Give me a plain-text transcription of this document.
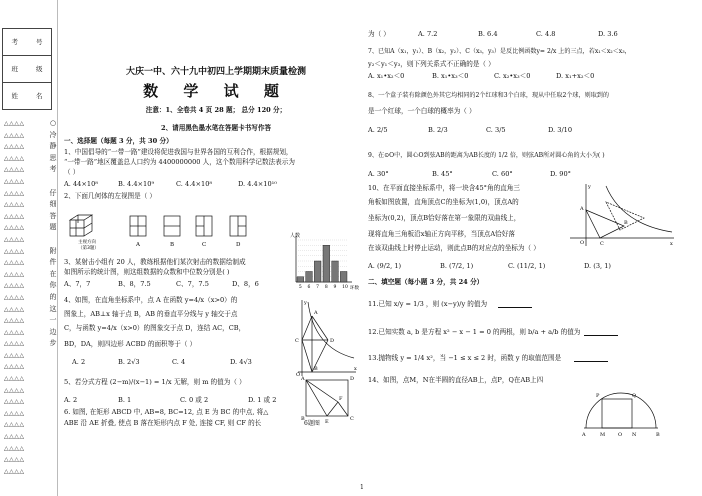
考 号
班 级
姓 名
△△△△
△△△△
△△△△
△△△△
△△△△
△△△△
△△△△
△△△△
△△△△
△△△△
△△△△
△△△△
△△△△
△△△△
△△△△
△△△△
△△△△
△△△△
△△△△
△△△△
△△△△
△△△△
△△△△
△△△△
△△△△
△△△△
△△△△
△△△△
△△△△
△△△△
△△△△
○
冷
静
思
考

仔
细
答
题

附
件
在
你
的
这
一
边
步
大庆一中、六十九中初四上学期期末质量检测
数 学 试 题
注意：1、全卷共 4 页 28 题； 总分 120 分；
2、请用黑色墨水笔在答题卡书写作答
一、选择题（每题 3 分，共 30 分）
1、中国倡导的“一带一路”建设将促进我国与世界各国的互利合作，根据规划，
“一带一路”地区覆盖总人口约为 4400000000 人，这个数用科学记数法表示为
（ ）
A. 44×10⁸	B. 4.4×10⁹	C. 4.4×10⁸	D. 4.4×10¹⁰
2、下面几何体的左视图是（ ）
主视方向
（第3题）
A	B	C	D
5 6 7 8 9 10
人数
环数
3、某射击小组有 20 人，教练根据他们某次射击的数据绘制成
如图所示的统计图，则这组数据的众数和中位数分别是( )
A、7，7	B、8，7.5	C、7，7.5	D、8，6
4、如图，在直角坐标系中，点 A 在函数 y=4/x（x>0）的
图象上，AB⊥x 轴于点 B，AB 的垂直平分线与 y 轴交于点
C，与函数 y=4/x（x>0）的图象交于点 D，连结 AC，CB，
BD，DA，则四边形 ACBD 的面积等于（ ）
A. 2	B. 2√3	C. 4	D. 4√3
C
A
D
B
O
x
y
5、若分式方程 (2−m)/(x−1) = 1/x 无解，则 m 的值为（ ）
A. 2	B. 1	C. 0 或 2	D. 1 或 2
6. 如图, 在矩形 ABCD 中, AB=8, BC=12, 点 E 为 BC 的中点, 将△
ABE 沿 AE 折叠, 使点 B 落在矩形内点 F 处, 连接 CF, 则 CF 的长
A	D
B	E	C
F
6题图
为（ ）	A. 7.2	B. 6.4	C. 4.8	D. 3.6
7、已知A（x₁，y₁）、B（x₂，y₂）、C（x₃，y₃）是反比例函数y= 2/x 上的三点，若x₁＜x₂＜x₃，
y₂＜y₁＜y₃，则下列关系式不正确的是（ ）
A. x₁•x₂＜0	B. x₁•x₃＜0	C. x₂•x₃＜0	D. x₁+x₂＜0
8、一个盒子装有除颜色外其它均相同的2个红球和3个白球，现从中任取2个球，则取到的
是一个红球，一个白球的概率为（ ）
A. 2/5	B. 2/3	C. 3/5	D. 3/10
9、在⊙O中，圆心O到弦AB的距离为AB长度的 1/2 倍，则弦AB所对圆心角的大小为( )
A. 30°	B. 45°	C. 60°	D. 90°
10、在平面直接坐标系中，将一块含45°角的直角三
角板如图放置，直角顶点C的坐标为(1,0)，顶点A的
坐标为(0,2)，顶点B恰好落在第一象限的双曲线上，
现将直角三角板沿x轴正方向平移，当顶点A恰好落
在该双曲线上时停止运动，则此点B的对应点的坐标为（ ）
A. (9/2, 1)	B. (7/2, 1)	C. (11/2, 1)	D. (3, 1)
A
B
C
O	x
y
二、填空题（每小题 3 分，共 24 分）
11.已知 x/y = 1/3 ，则 (x−y)/y 的值为
12.已知实数 a, b 是方程 x² − x − 1 = 0 的两根，则 b/a + a/b 的值为
13.抛物线 y = 1/4 x²，当 −1 ≤ x ≤ 2 时，函数 y 的取值范围是
14、如图，点M，N在半圆的直径AB上，点P，Q在AB上四
A	M	O N	B
P	Q
1
